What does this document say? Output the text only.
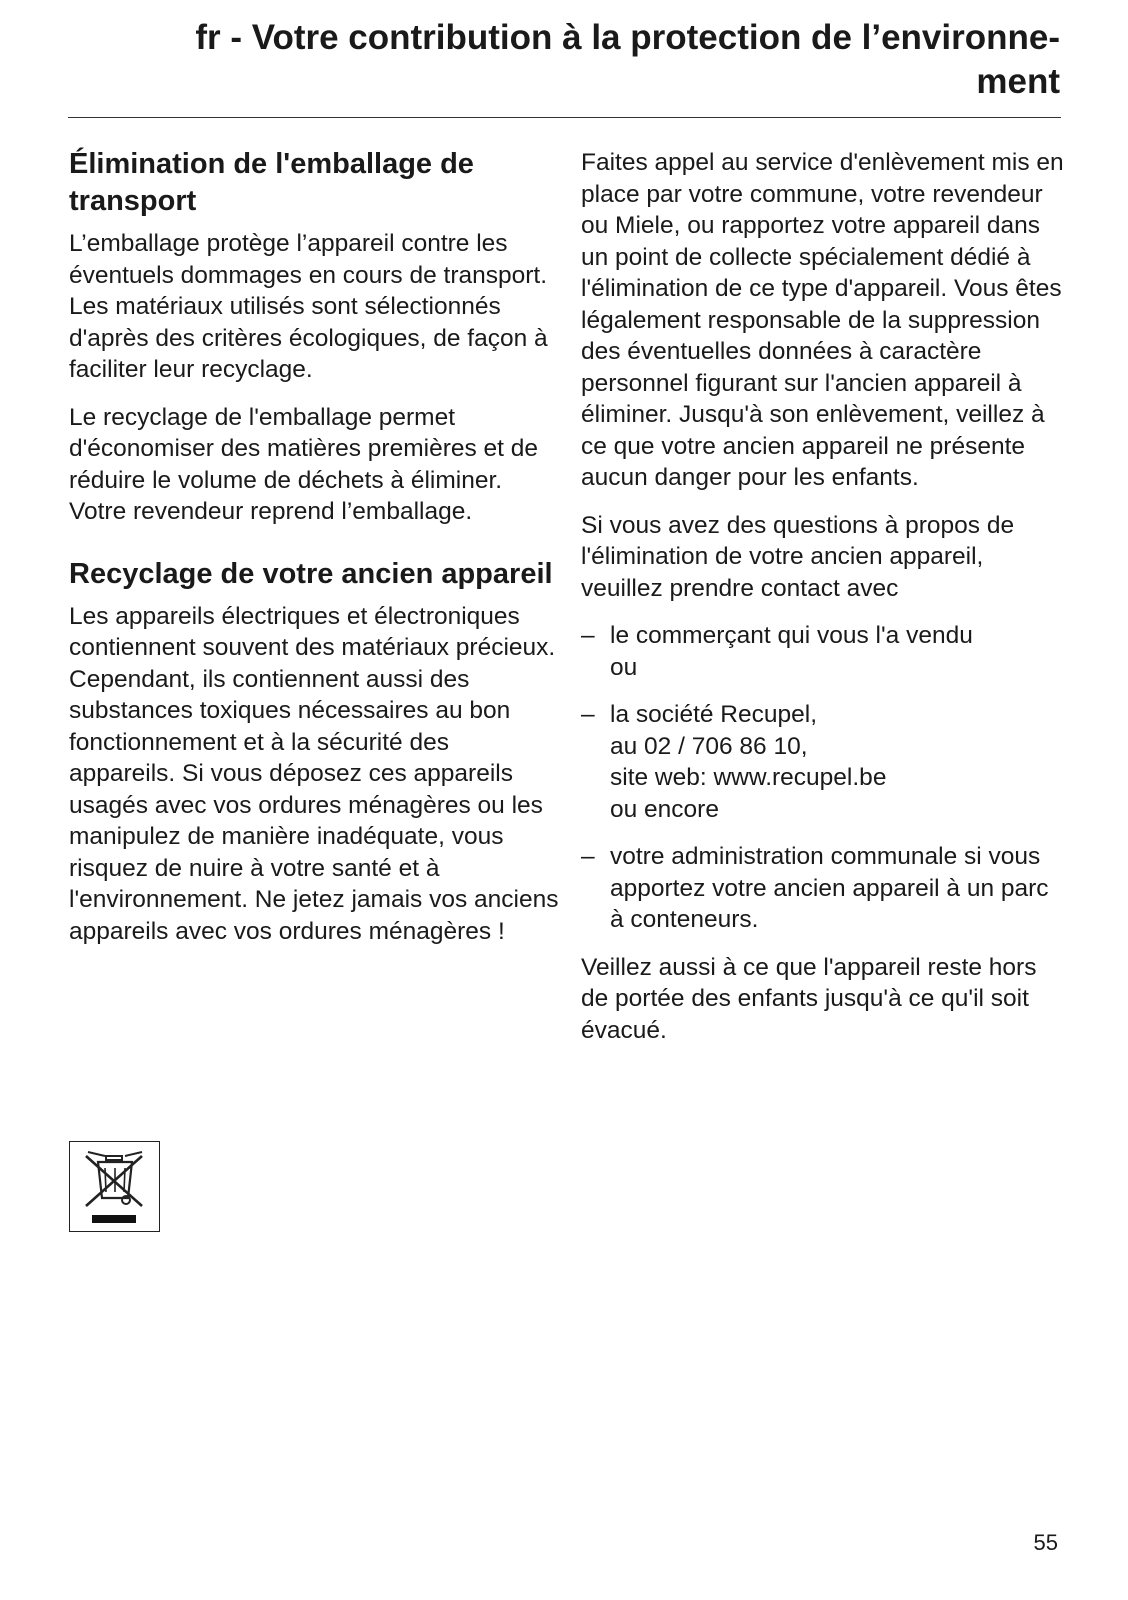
fr - Votre contribution à la protection de l’environne-
ment
Élimination de l'emballage de transport

L’emballage protège l’appareil contre les éventuels dommages en cours de transport. Les matériaux utilisés sont sélectionnés d'après des critères écologiques, de façon à faciliter leur recyclage.

Le recyclage de l'emballage permet d'économiser des matières premières et de réduire le volume de déchets à éliminer. Votre revendeur reprend l’emballage.

Recyclage de votre ancien appareil

Les appareils électriques et électroniques contiennent souvent des matériaux précieux. Cependant, ils contiennent aussi des substances toxiques nécessaires au bon fonctionnement et à la sécurité des appareils. Si vous déposez ces appareils usagés avec vos ordures ménagères ou les manipulez de manière inadéquate, vous risquez de nuire à votre santé et à l'environnement. Ne jetez jamais vos anciens appareils avec vos ordures ménagères !

Faites appel au service d'enlèvement mis en place par votre commune, votre revendeur ou Miele, ou rapportez votre appareil dans un point de collecte spécialement dédié à l'élimination de ce type d'appareil. Vous êtes légalement responsable de la suppression des éventuelles données à caractère personnel figurant sur l'ancien appareil à éliminer. Jusqu'à son enlèvement, veillez à ce que votre ancien appareil ne présente aucun danger pour les enfants.

Si vous avez des questions à propos de l'élimination de votre ancien appareil, veuillez prendre contact avec

– le commerçant qui vous l'a vendu
ou
– la société Recupel,
au 02 / 706 86 10,
site web: www.recupel.be
ou encore
– votre administration communale si vous apportez votre ancien appareil à un parc à conteneurs.

Veillez aussi à ce que l'appareil reste hors de portée des enfants jusqu'à ce qu'il soit évacué.

55
